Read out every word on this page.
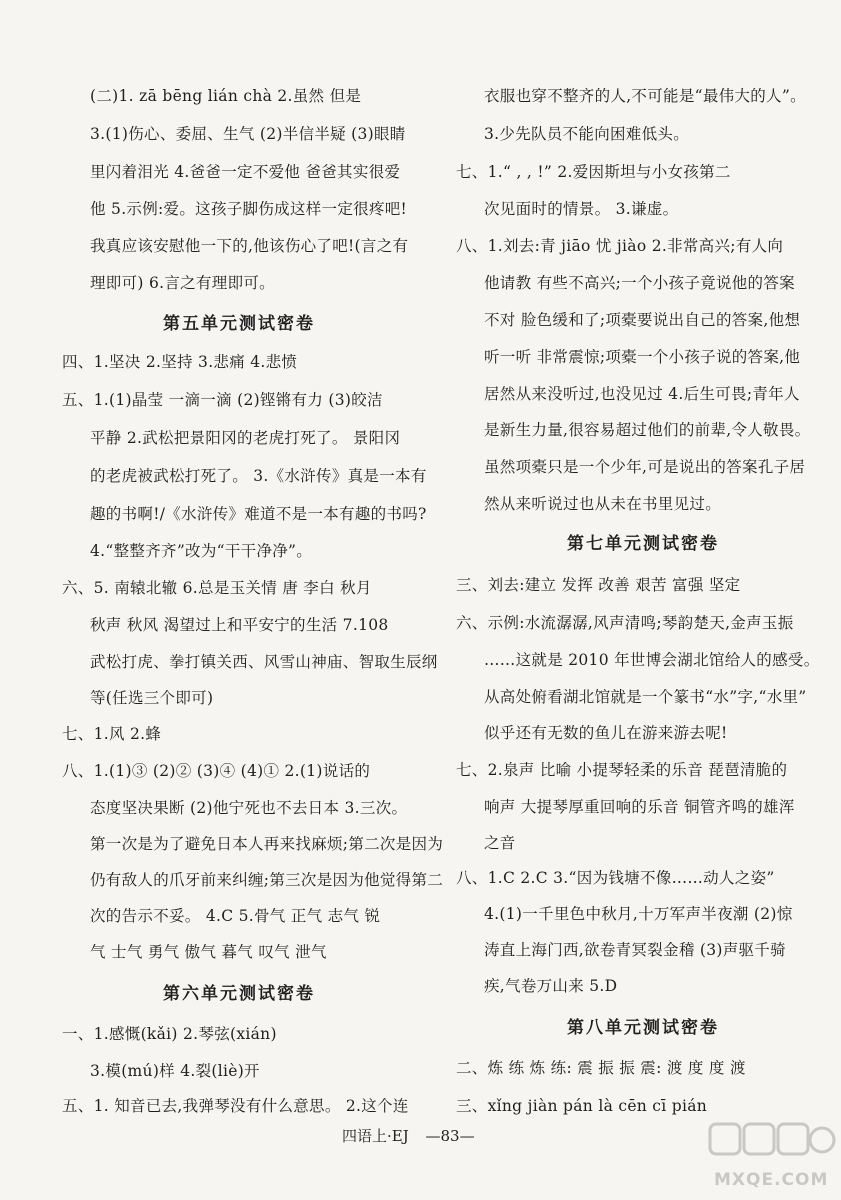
(二)1. zā bēng lián chà 2.虽然 但是
3.(1)伤心、委屈、生气 (2)半信半疑 (3)眼睛
里闪着泪光 4.爸爸一定不爱他 爸爸其实很爱
他 5.示例:爱。这孩子脚伤成这样一定很疼吧!
我真应该安慰他一下的,他该伤心了吧!(言之有
理即可) 6.言之有理即可。
第五单元测试密卷
四、1.坚决 2.坚持 3.悲痛 4.悲愤
五、1.(1)晶莹 一滴一滴 (2)铿锵有力 (3)皎洁
平静 2.武松把景阳冈的老虎打死了。 景阳冈
的老虎被武松打死了。 3.《水浒传》真是一本有
趣的书啊!/《水浒传》难道不是一本有趣的书吗?
4.“整整齐齐”改为“干干净净”。
六、5. 南辕北辙 6.总是玉关情 唐 李白 秋月
秋声 秋风 渴望过上和平安宁的生活 7.108
武松打虎、拳打镇关西、风雪山神庙、智取生辰纲
等(任选三个即可)
七、1.风 2.蜂
八、1.(1)③ (2)② (3)④ (4)① 2.(1)说话的
态度坚决果断 (2)他宁死也不去日本 3.三次。
第一次是为了避免日本人再来找麻烦;第二次是因为
仍有敌人的爪牙前来纠缠;第三次是因为他觉得第二
次的告示不妥。 4.C 5.骨气 正气 志气 锐
气 士气 勇气 傲气 暮气 叹气 泄气
第六单元测试密卷
一、1.感慨(kǎi) 2.琴弦(xián)
3.模(mú)样 4.裂(liè)开
五、1. 知音已去,我弹琴没有什么意思。 2.这个连
衣服也穿不整齐的人,不可能是“最伟大的人”。
3.少先队员不能向困难低头。
七、1.“ , , !” 2.爱因斯坦与小女孩第二
次见面时的情景。 3.谦虚。
八、1.刘去:青 jiāo 忧 jiào 2.非常高兴;有人向
他请教 有些不高兴;一个小孩子竟说他的答案
不对 脸色缓和了;项橐要说出自己的答案,他想
听一听 非常震惊;项橐一个小孩子说的答案,他
居然从来没听过,也没见过 4.后生可畏;青年人
是新生力量,很容易超过他们的前辈,令人敬畏。
虽然项橐只是一个少年,可是说出的答案孔子居
然从来听说过也从未在书里见过。
第七单元测试密卷
三、刘去:建立 发挥 改善 艰苦 富强 坚定
六、示例:水流潺潺,风声清鸣;琴韵楚天,金声玉振
……这就是 2010 年世博会湖北馆给人的感受。
从高处俯看湖北馆就是一个篆书“水”字,“水里”
似乎还有无数的鱼儿在游来游去呢!
七、2.泉声 比喻 小提琴轻柔的乐音 琵琶清脆的
响声 大提琴厚重回响的乐音 铜管齐鸣的雄浑
之音
八、1.C 2.C 3.“因为钱塘不像……动人之姿”
4.(1)一千里色中秋月,十万军声半夜潮 (2)惊
涛直上海门西,欲卷青冥裂金稽 (3)声驱千骑
疾,气卷万山来 5.D
第八单元测试密卷
二、炼 练 炼 练: 震 振 振 震: 渡 度 度 渡
三、xǐng jiàn pán là cēn cī pián
四语上·EJ —83—
MXQE.COM
